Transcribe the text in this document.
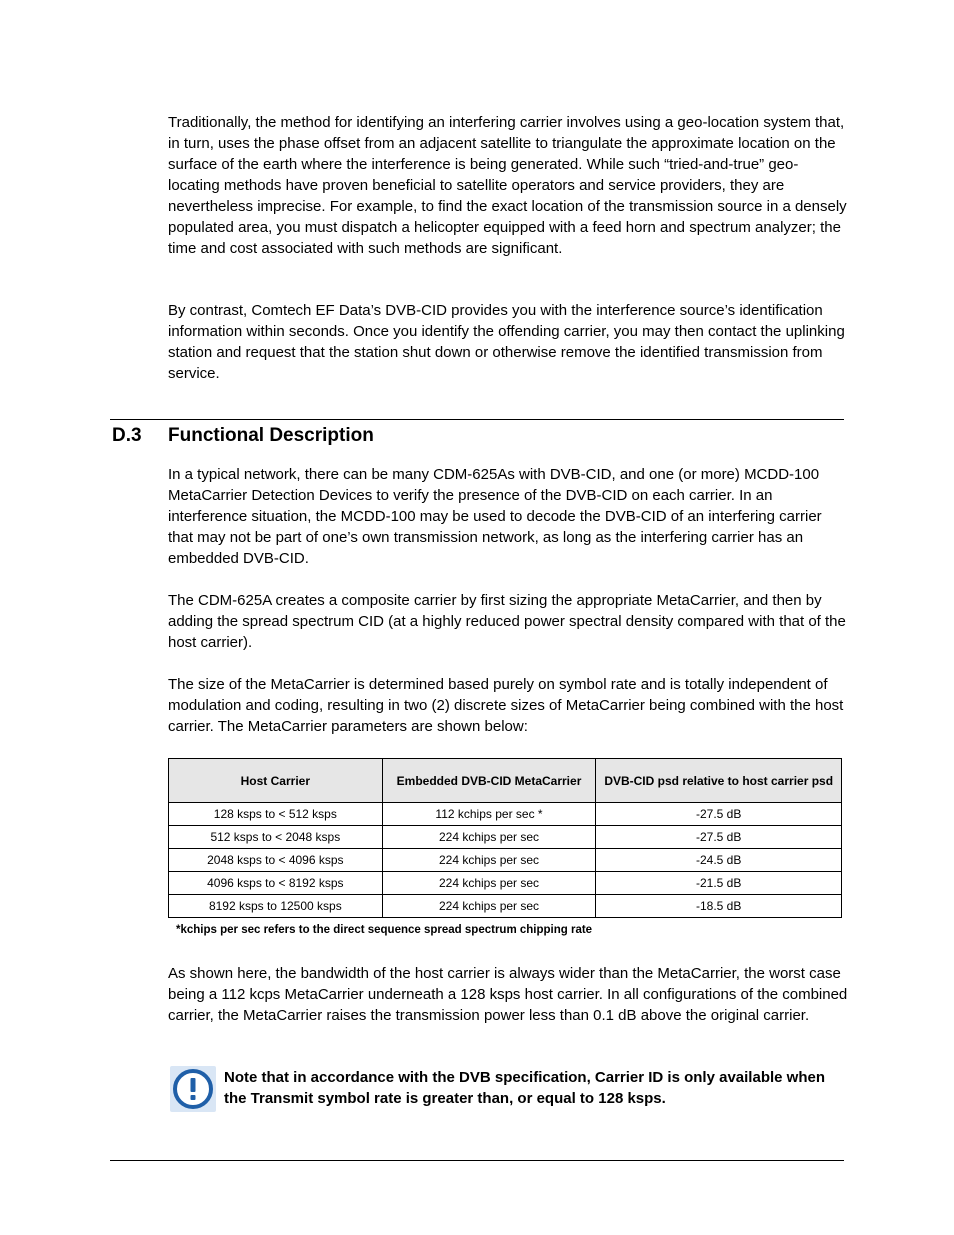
Traditionally, the method for identifying an interfering carrier involves using a geo-location system that, in turn, uses the phase offset from an adjacent satellite to triangulate the approximate location on the surface of the earth where the interference is being generated. While such “tried-and-true” geo-locating methods have proven beneficial to satellite operators and service providers, they are nevertheless imprecise. For example, to find the exact location of the transmission source in a densely populated area, you must dispatch a helicopter equipped with a feed horn and spectrum analyzer; the time and cost associated with such methods are significant.

By contrast, Comtech EF Data’s DVB-CID provides you with the interference source’s identification information within seconds. Once you identify the offending carrier, you may then contact the uplinking station and request that the station shut down or otherwise remove the identified transmission from service.

D.3 Functional Description

In a typical network, there can be many CDM-625As with DVB-CID, and one (or more) MCDD-100 MetaCarrier Detection Devices to verify the presence of the DVB-CID on each carrier. In an interference situation, the MCDD-100 may be used to decode the DVB-CID of an interfering carrier that may not be part of one’s own transmission network, as long as the interfering carrier has an embedded DVB-CID.

The CDM-625A creates a composite carrier by first sizing the appropriate MetaCarrier, and then by adding the spread spectrum CID (at a highly reduced power spectral density compared with that of the host carrier).

The size of the MetaCarrier is determined based purely on symbol rate and is totally independent of modulation and coding, resulting in two (2) discrete sizes of MetaCarrier being combined with the host carrier. The MetaCarrier parameters are shown below:

Host Carrier	Embedded DVB-CID MetaCarrier	DVB-CID psd relative to host carrier psd
128 ksps to < 512 ksps	112 kchips per sec *	-27.5 dB
512 ksps to < 2048 ksps	224 kchips per sec	-27.5 dB
2048 ksps to < 4096 ksps	224 kchips per sec	-24.5 dB
4096 ksps to < 8192 ksps	224 kchips per sec	-21.5 dB
8192 ksps to 12500 ksps	224 kchips per sec	-18.5 dB
*kchips per sec refers to the direct sequence spread spectrum chipping rate

As shown here, the bandwidth of the host carrier is always wider than the MetaCarrier, the worst case being a 112 kcps MetaCarrier underneath a 128 ksps host carrier. In all configurations of the combined carrier, the MetaCarrier raises the transmission power less than 0.1 dB above the original carrier.

Note that in accordance with the DVB specification, Carrier ID is only available when the Transmit symbol rate is greater than, or equal to 128 ksps.
